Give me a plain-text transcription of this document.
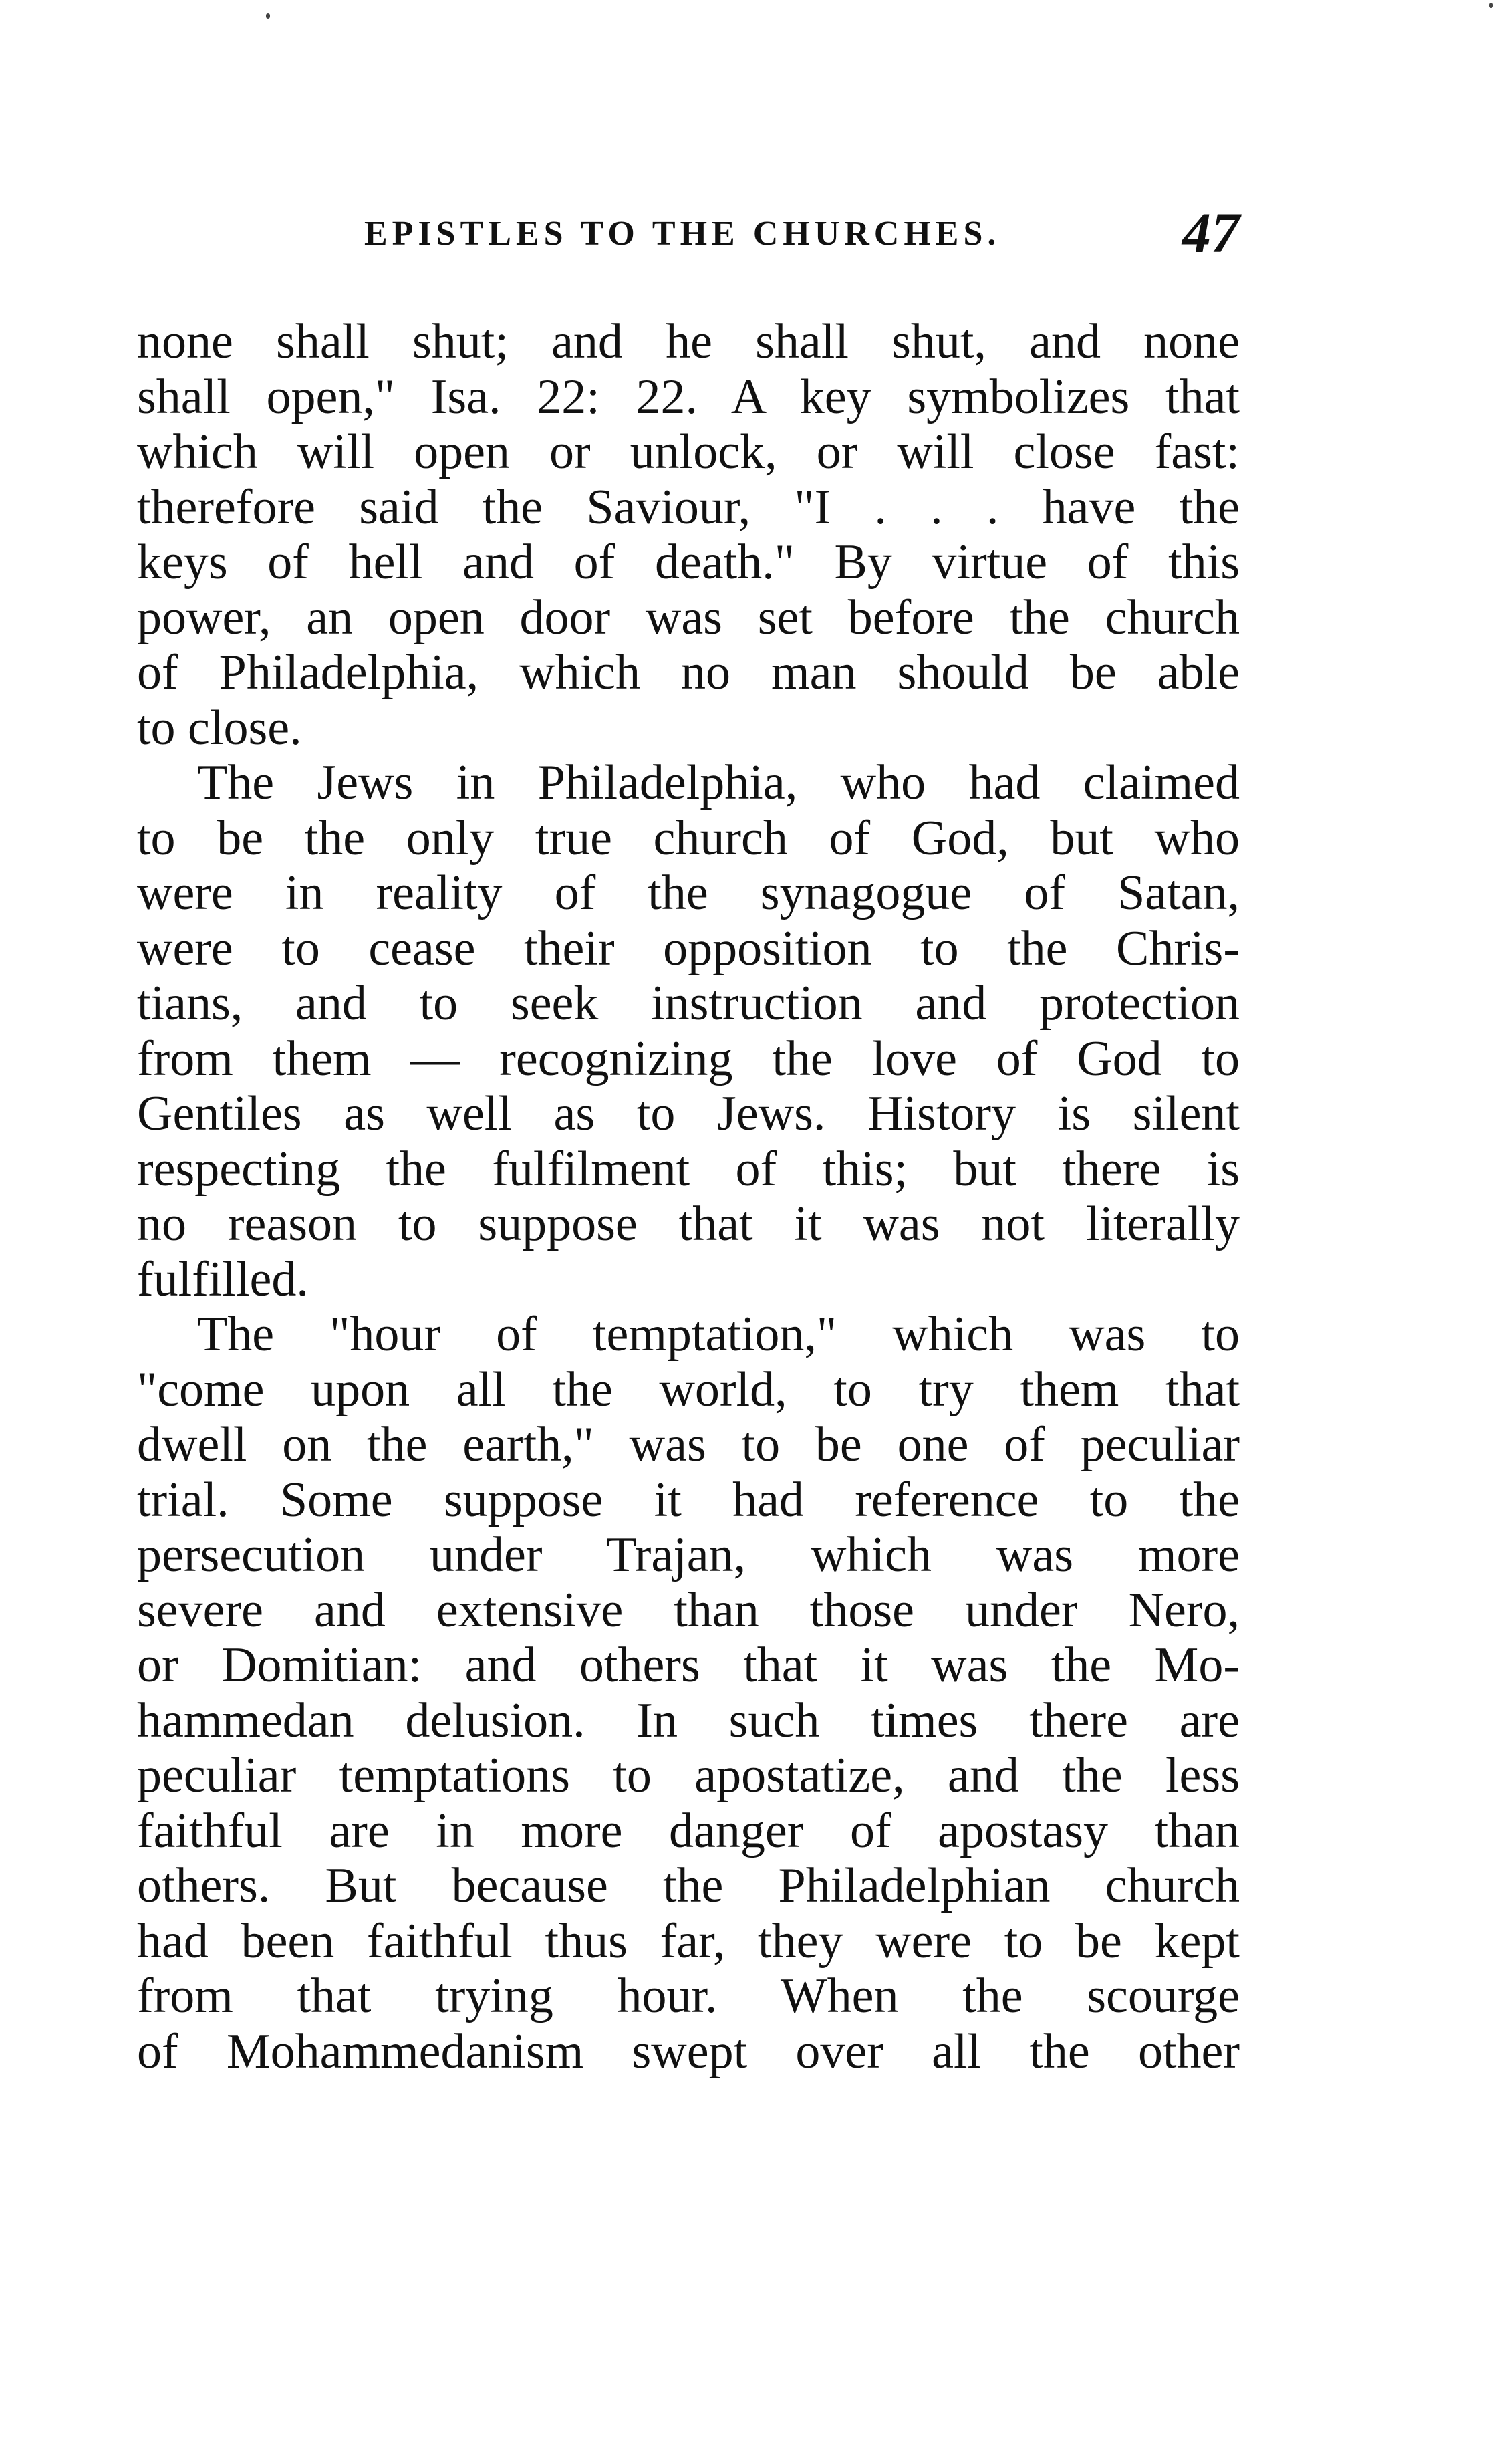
EPISTLES TO THE CHURCHES.	47
none shall shut; and he shall shut, and none
shall open," Isa. 22: 22. A key symbolizes that
which will open or unlock, or will close fast:
therefore said the Saviour, "I . . . have the
keys of hell and of death." By virtue of this
power, an open door was set before the church
of Philadelphia, which no man should be able
to close.
The Jews in Philadelphia, who had claimed
to be the only true church of God, but who
were in reality of the synagogue of Satan,
were to cease their opposition to the Chris-
tians, and to seek instruction and protection
from them — recognizing the love of God to
Gentiles as well as to Jews. History is silent
respecting the fulfilment of this; but there is
no reason to suppose that it was not literally
fulfilled.
The "hour of temptation," which was to
"come upon all the world, to try them that
dwell on the earth," was to be one of peculiar
trial. Some suppose it had reference to the
persecution under Trajan, which was more
severe and extensive than those under Nero,
or Domitian: and others that it was the Mo-
hammedan delusion. In such times there are
peculiar temptations to apostatize, and the less
faithful are in more danger of apostasy than
others. But because the Philadelphian church
had been faithful thus far, they were to be kept
from that trying hour. When the scourge
of Mohammedanism swept over all the other
